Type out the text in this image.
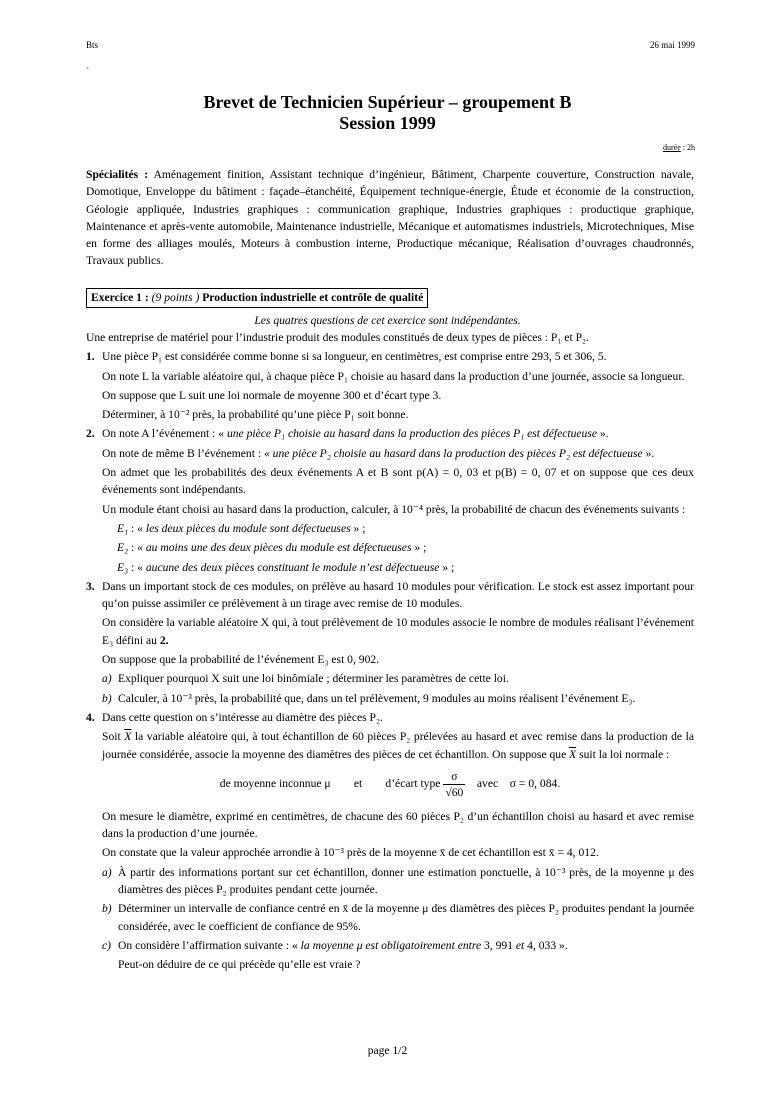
Bts	26 mai 1999
`
Brevet de Technicien Supérieur – groupement B
Session 1999
durée : 2h
Spécialités : Aménagement finition, Assistant technique d’ingénieur, Bâtiment, Charpente couverture, Construction navale, Domotique, Enveloppe du bâtiment : façade–étanchéité, Équipement technique-énergie, Étude et économie de la construction, Géologie appliquée, Industries graphiques : communication graphique, Industries graphiques : productique graphique, Maintenance et après-vente automobile, Maintenance industrielle, Mécanique et automatismes industriels, Microtechniques, Mise en forme des alliages moulés, Moteurs à combustion interne, Productique mécanique, Réalisation d’ouvrages chaudronnés, Travaux publics.
Exercice 1 : (9 points ) Production industrielle et contrôle de qualité
Les quatres questions de cet exercice sont indépendantes.

Une entreprise de matériel pour l’industrie produit des modules constitués de deux types de pièces : P₁ et P₂.

1. Une pièce P₁ est considérée comme bonne si sa longueur, en centimètres, est comprise entre 293, 5 et 306, 5.

On note L la variable aléatoire qui, à chaque pièce P₁ choisie au hasard dans la production d’une journée, associe sa longueur.

On suppose que L suit une loi normale de moyenne 300 et d’écart type 3.

Déterminer, à 10⁻² près, la probabilité qu’une pièce P₁ soit bonne.

2. On note A l’événement : « une pièce P₁ choisie au hasard dans la production des pièces P₁ est défectueuse ».

On note de même B l’événement : « une pièce P₂ choisie au hasard dans la production des pièces P₂ est défectueuse ».

On admet que les probabilités des deux événements A et B sont p(A) = 0, 03 et p(B) = 0, 07 et on suppose que ces deux événements sont indépendants.

Un module étant choisi au hasard dans la production, calculer, à 10⁻⁴ près, la probabilité de chacun des événements suivants :

E₁ : « les deux pièces du module sont défectueuses » ;

E₂ : « au moins une des deux pièces du module est défectueuses » ;

E₃ : « aucune des deux pièces constituant le module n’est défectueuse » ;

3. Dans un important stock de ces modules, on prélève au hasard 10 modules pour vérification. Le stock est assez important pour qu’on puisse assimiler ce prélèvement à un tirage avec remise de 10 modules.

On considère la variable aléatoire X qui, à tout prélèvement de 10 modules associe le nombre de modules réalisant l’événement E₃ défini au 2.

On suppose que la probabilité de l’événement E₃ est 0, 902.

a) Expliquer pourquoi X suit une loi binômiale ; déterminer les paramètres de cette loi.

b) Calculer, à 10⁻³ près, la probabilité que, dans un tel prélèvement, 9 modules au moins réalisent l’événement E₃.

4. Dans cette question on s’intéresse au diamètre des pièces P₂.

Soit $\overline{X}$ la variable aléatoire qui, à tout échantillon de 60 pièces P₂ prélevées au hasard et avec remise dans la production de la journée considérée, associe la moyenne des diamètres des pièces de cet échantillon. On suppose que $\overline{X}$ suit la loi normale :

de moyenne inconnue μ et d’écart type $\frac{\sigma}{√60}$ avec σ = 0, 084.

On mesure le diamètre, exprimé en centimètres, de chacune des 60 pièces P₂ d’un échantillon choisi au hasard et avec remise dans la production d’une journée.

On constate que la valeur approchée arrondie à 10⁻³ près de la moyenne x̄ de cet échantillon est x̄ = 4, 012.

a) À partir des informations portant sur cet échantillon, donner une estimation ponctuelle, à 10⁻³ près, de la moyenne μ des diamètres des pièces P₂ produites pendant cette journée.

b) Déterminer un intervalle de confiance centré en x̄ de la moyenne μ des diamètres des pièces P₂ produites pendant la journée considérée, avec le coefficient de confiance de 95%.

c) On considère l’affirmation suivante : « la moyenne μ est obligatoirement entre 3, 991 et 4, 033 ».

Peut-on déduire de ce qui précède qu’elle est vraie ?

page 1/2
